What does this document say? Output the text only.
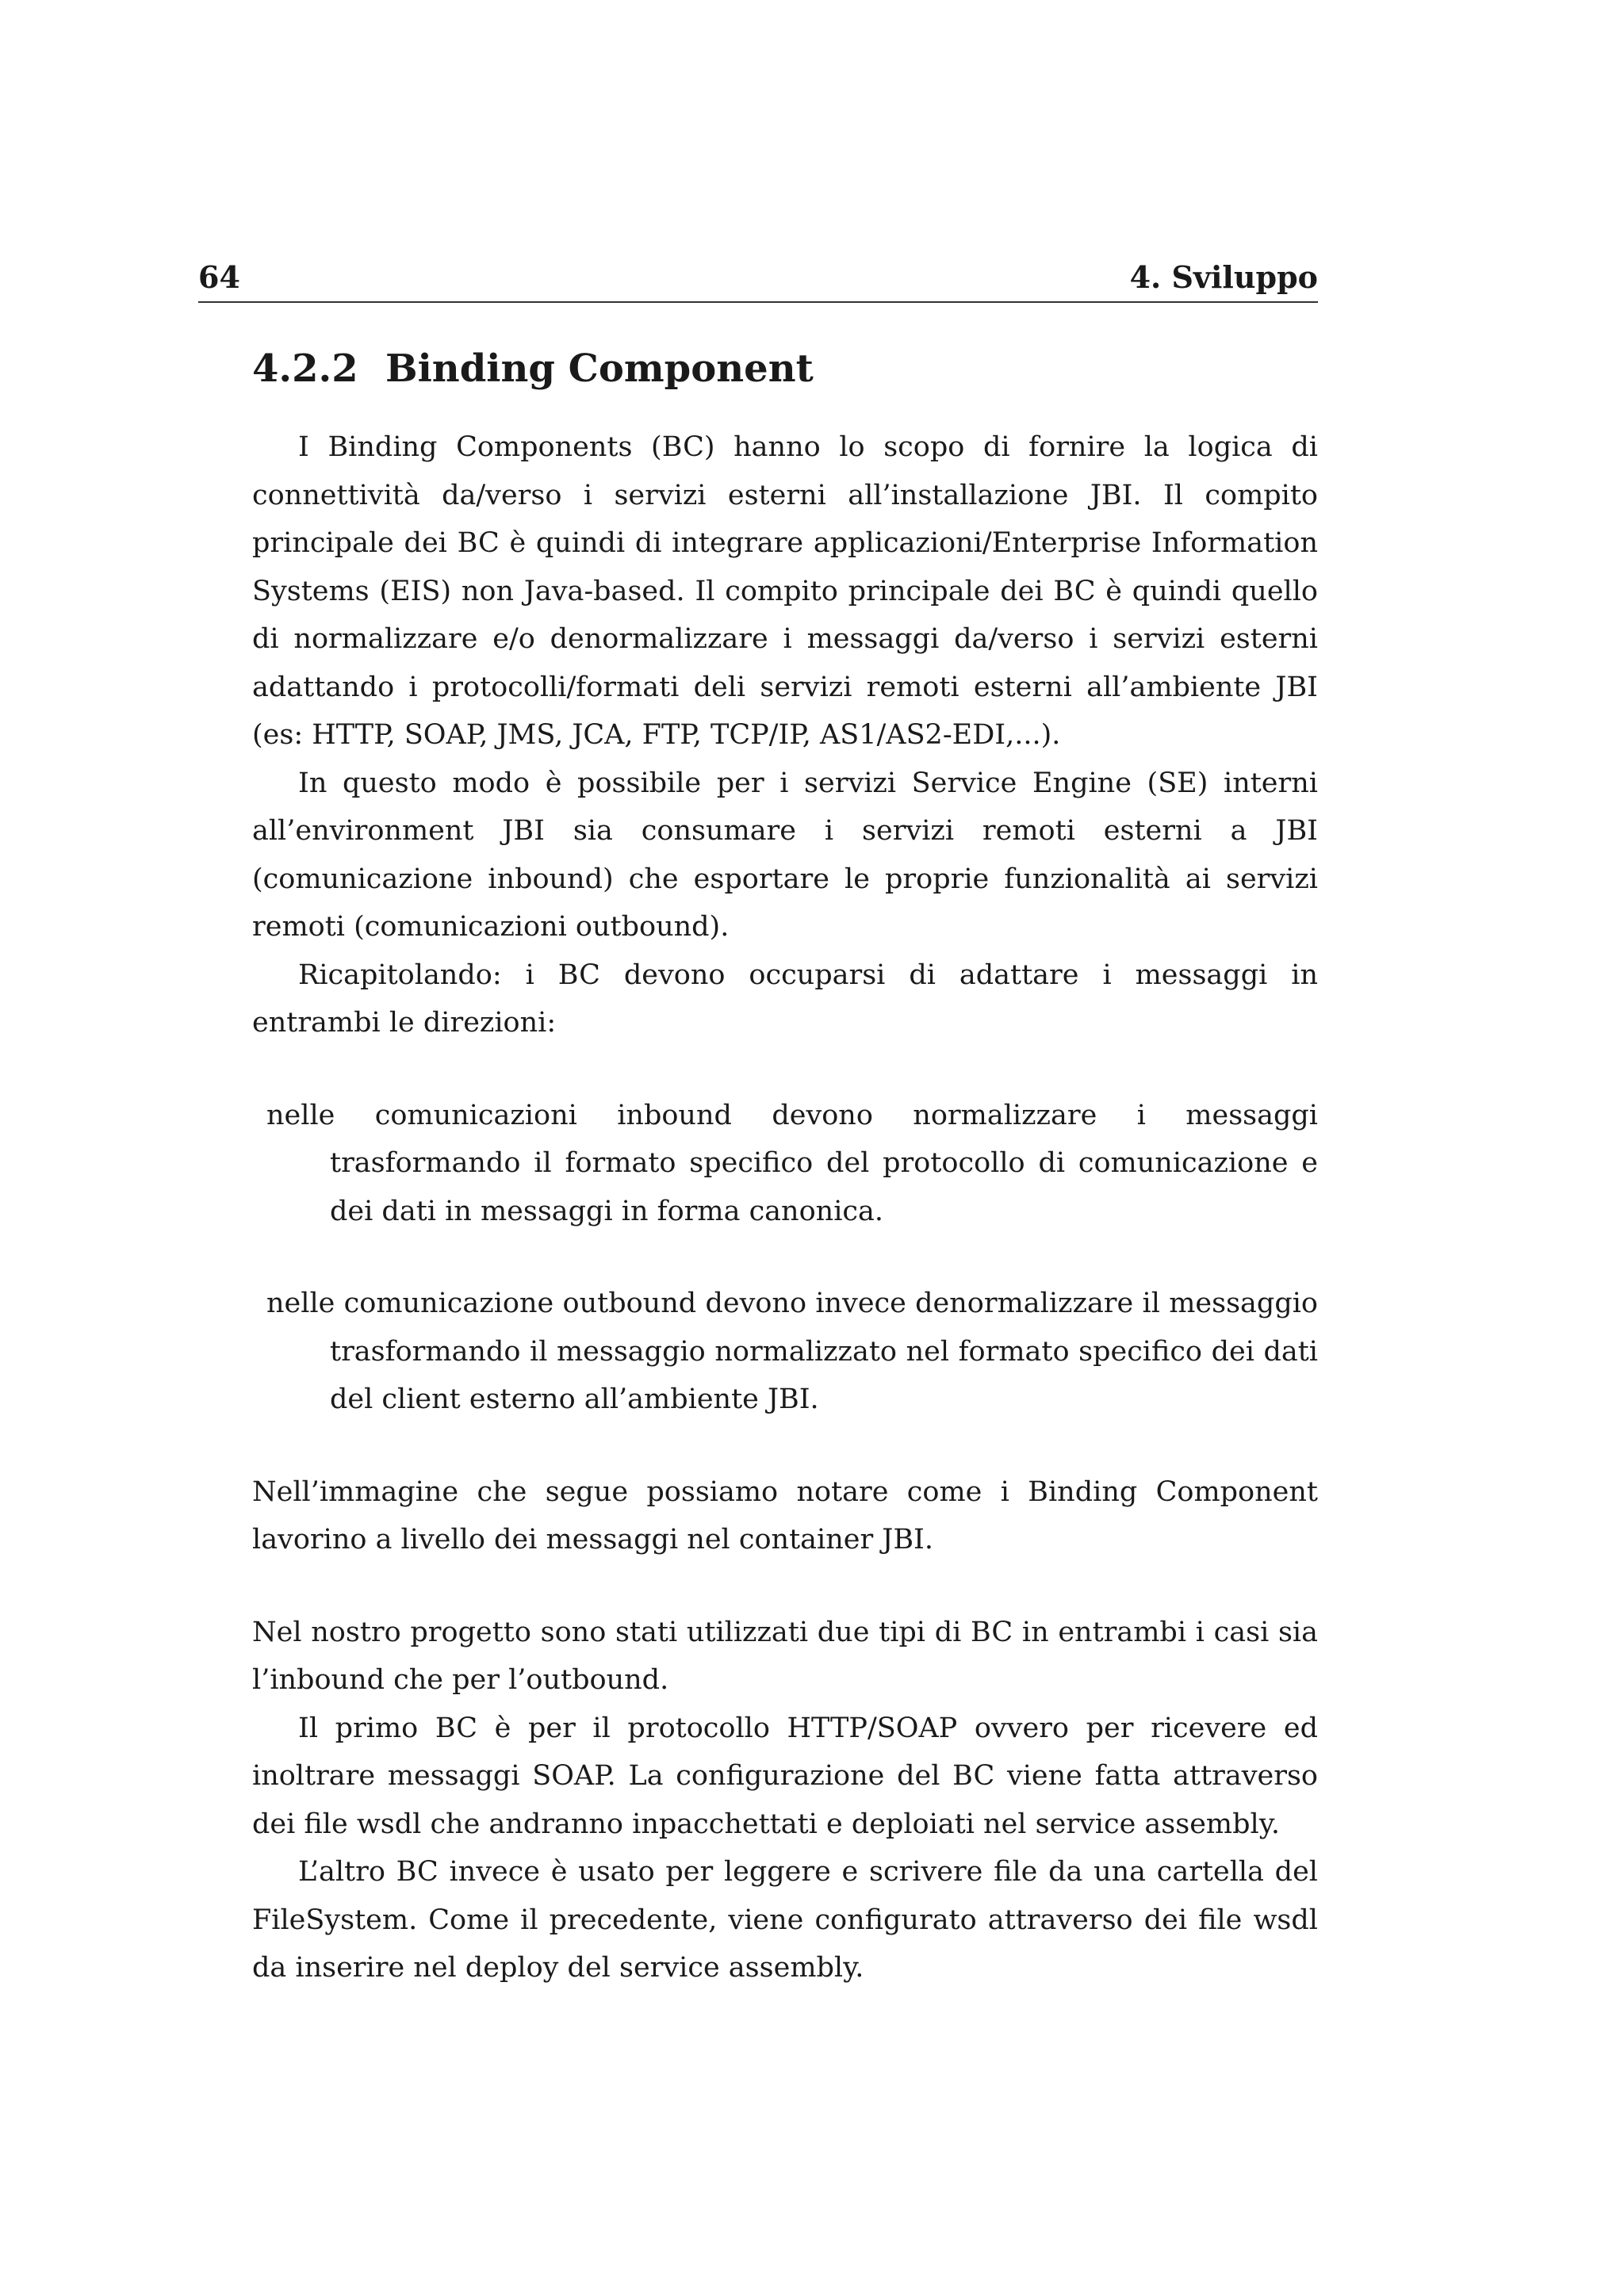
64	4. Sviluppo
4.2.2 Binding Component

I Binding Components (BC) hanno lo scopo di fornire la logica di connettività da/verso i servizi esterni all’installazione JBI. Il compito principale dei BC è quindi di integrare applicazioni/Enterprise Information Systems (EIS) non Java-based. Il compito principale dei BC è quindi quello di normalizzare e/o denormalizzare i messaggi da/verso i servizi esterni adattando i protocolli/formati deli servizi remoti esterni all’ambiente JBI (es: HTTP, SOAP, JMS, JCA, FTP, TCP/IP, AS1/AS2-EDI,...).

In questo modo è possibile per i servizi Service Engine (SE) interni all’environment JBI sia consumare i servizi remoti esterni a JBI (comunicazione inbound) che esportare le proprie funzionalità ai servizi remoti (comunicazioni outbound).

Ricapitolando: i BC devono occuparsi di adattare i messaggi in entrambi le direzioni:

nelle comunicazioni inbound devono normalizzare i messaggi trasformando il formato specifico del protocollo di comunicazione e dei dati in messaggi in forma canonica.
nelle comunicazione outbound devono invece denormalizzare il messaggio trasformando il messaggio normalizzato nel formato specifico dei dati del client esterno all’ambiente JBI.

Nell’immagine che segue possiamo notare come i Binding Component lavorino a livello dei messaggi nel container JBI.

Nel nostro progetto sono stati utilizzati due tipi di BC in entrambi i casi sia l’inbound che per l’outbound.

Il primo BC è per il protocollo HTTP/SOAP ovvero per ricevere ed inoltrare messaggi SOAP. La configurazione del BC viene fatta attraverso dei file wsdl che andranno inpacchettati e deploiati nel service assembly.

L’altro BC invece è usato per leggere e scrivere file da una cartella del FileSystem. Come il precedente, viene configurato attraverso dei file wsdl da inserire nel deploy del service assembly.
